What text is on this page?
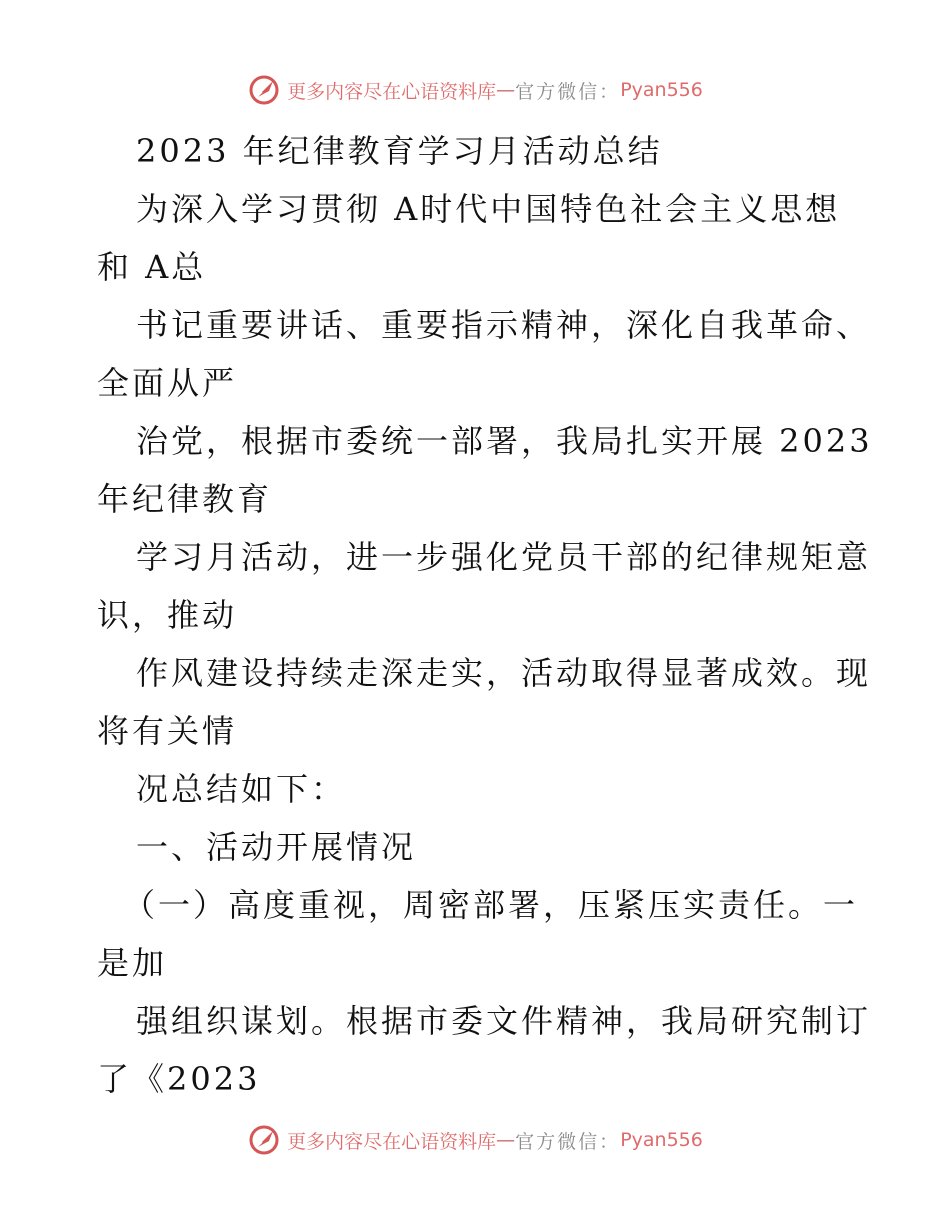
更多内容尽在心语资料库 — 官方微信： Pyan556

2023 年纪律教育学习月活动总结

为深入学习贯彻 A时代中国特色社会主义思想

和 A总

书记重要讲话、重要指示精神，深化自我革命、

全面从严

治党，根据市委统一部署，我局扎实开展 2023

年纪律教育

学习月活动，进一步强化党员干部的纪律规矩意

识，推动

作风建设持续走深走实，活动取得显著成效。现

将有关情

况总结如下：

一、活动开展情况

（一）高度重视，周密部署，压紧压实责任。一

是加

强组织谋划。根据市委文件精神，我局研究制订

了《2023

更多内容尽在心语资料库 — 官方微信： Pyan556
